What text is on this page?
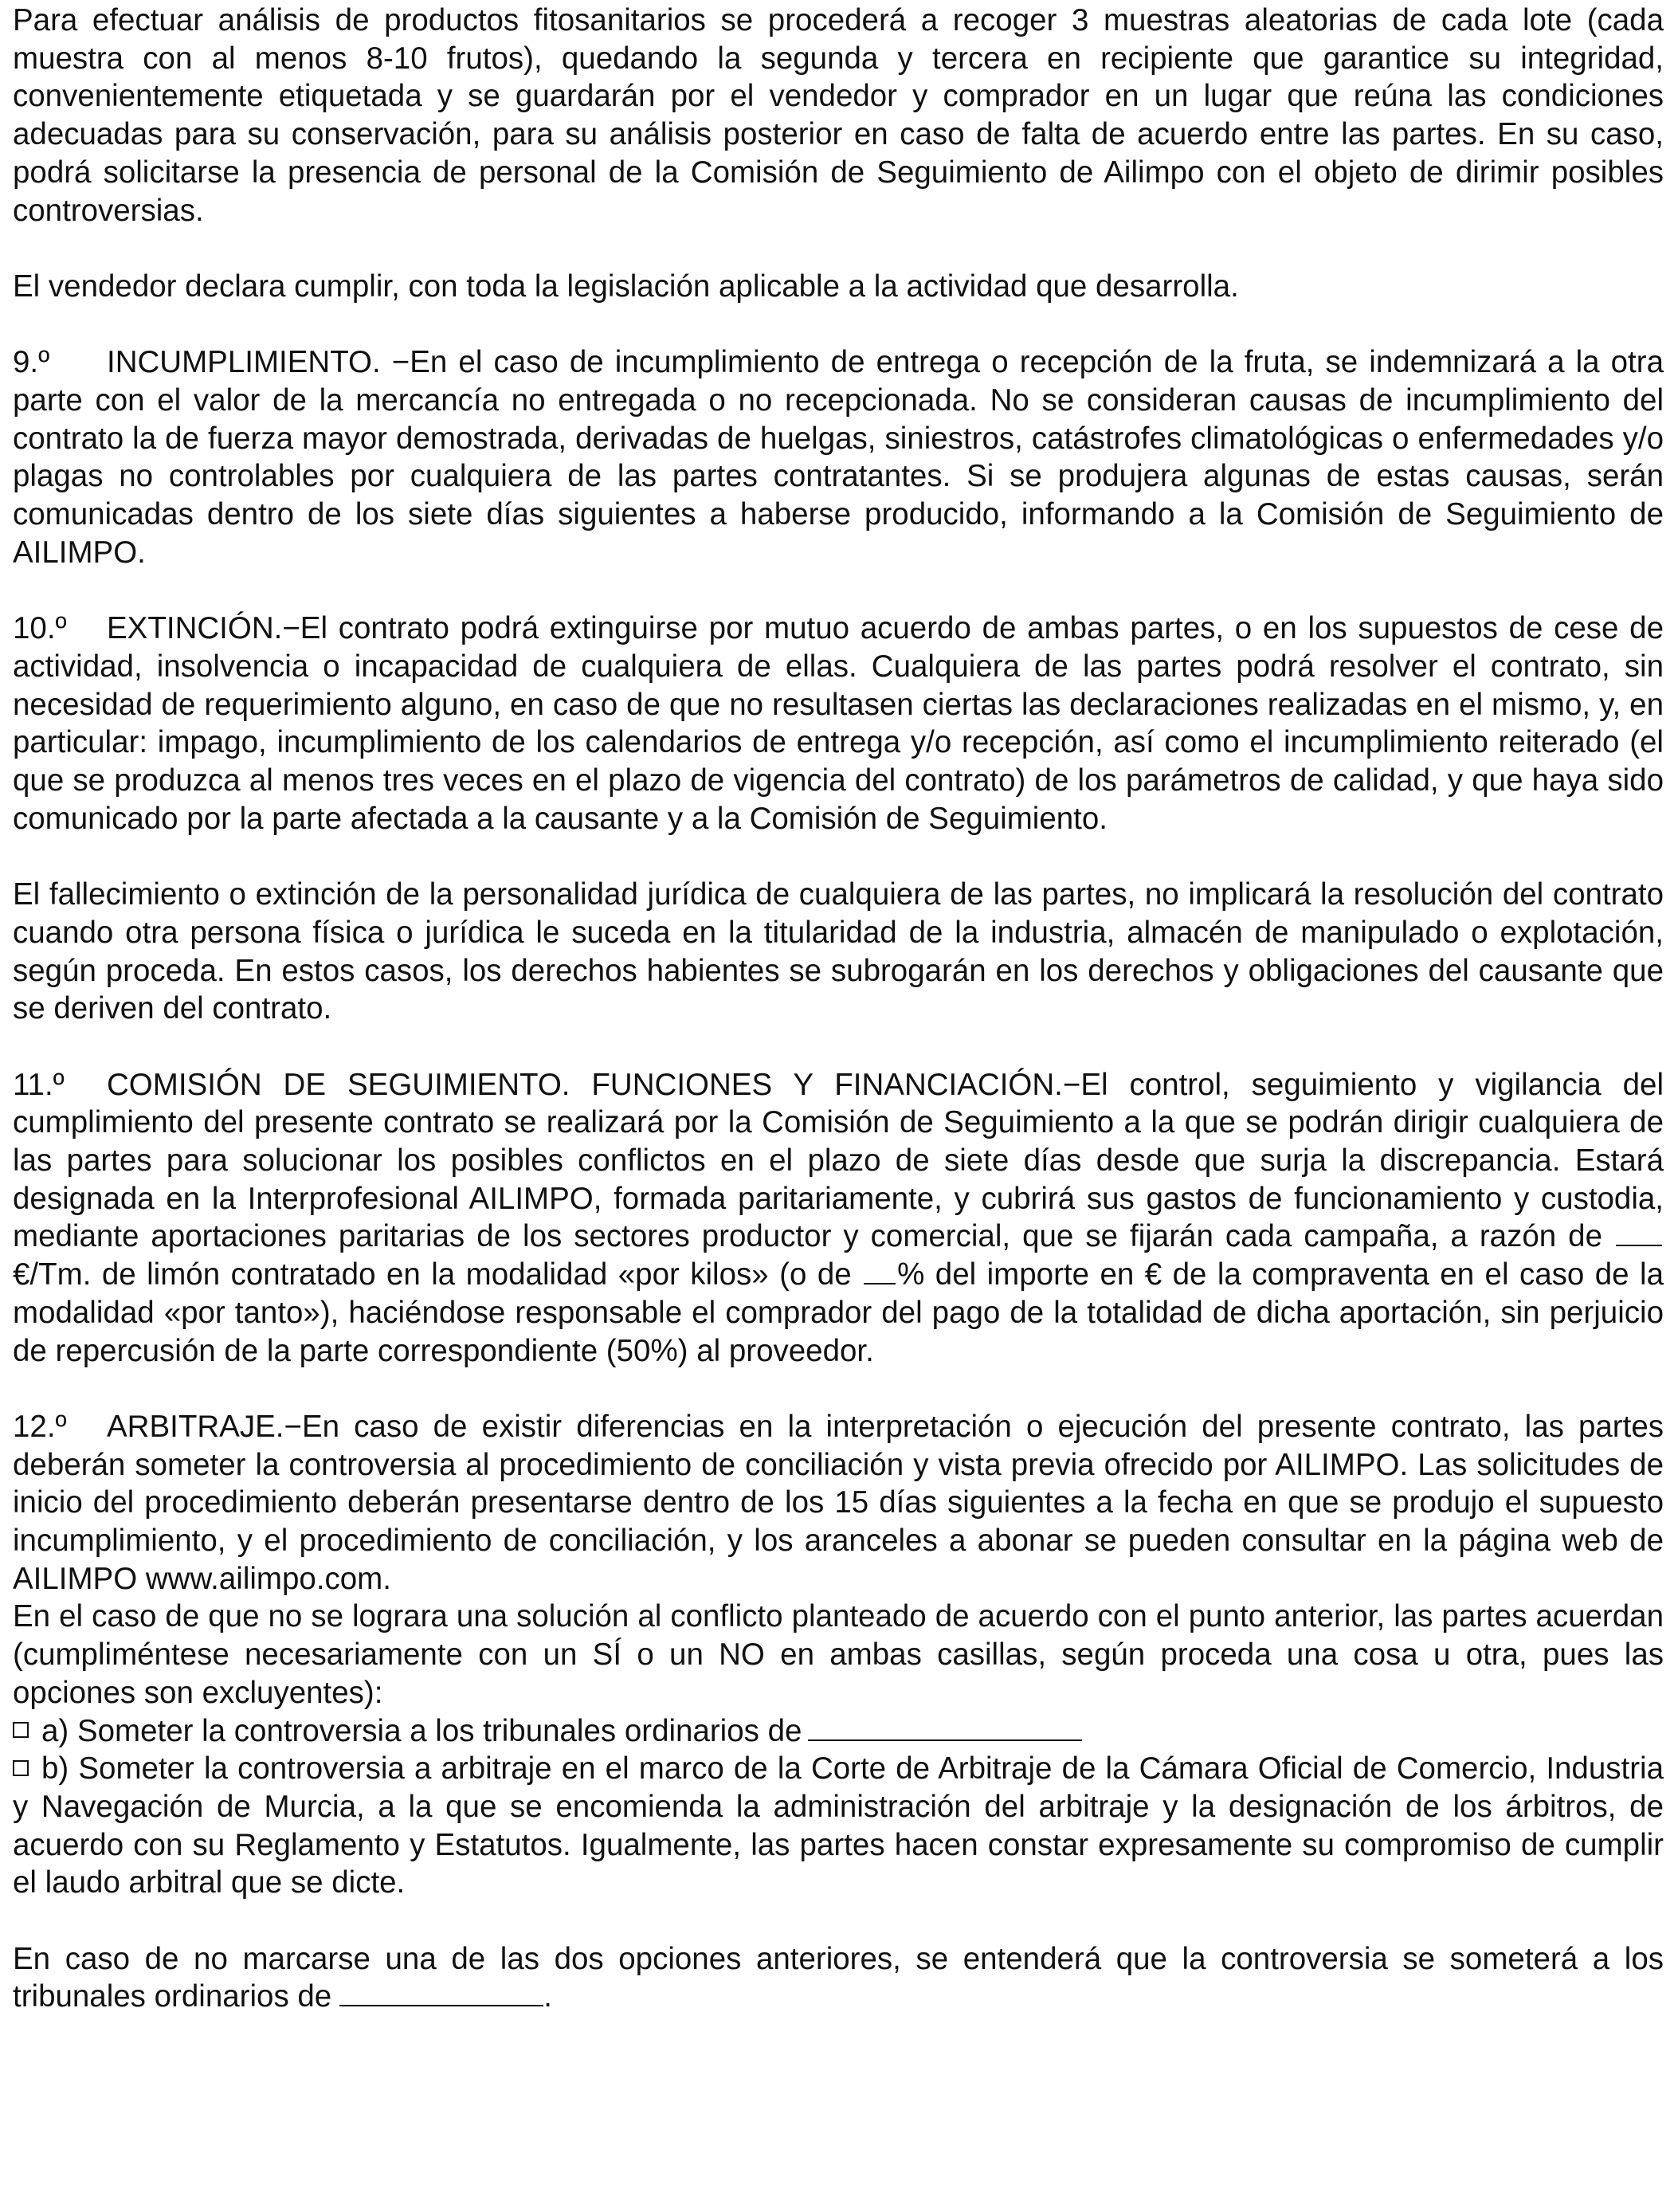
Para efectuar análisis de productos fitosanitarios se procederá a recoger 3 muestras aleatorias de cada lote (cada muestra con al menos 8-10 frutos), quedando la segunda y tercera en recipiente que garantice su integridad, convenientemente etiquetada y se guardarán por el vendedor y comprador en un lugar que reúna las condiciones adecuadas para su conservación, para su análisis posterior en caso de falta de acuerdo entre las partes. En su caso, podrá solicitarse la presencia de personal de la Comisión de Seguimiento de Ailimpo con el objeto de dirimir posibles controversias.

El vendedor declara cumplir, con toda la legislación aplicable a la actividad que desarrolla.

9.º INCUMPLIMIENTO. −En el caso de incumplimiento de entrega o recepción de la fruta, se indemnizará a la otra parte con el valor de la mercancía no entregada o no recepcionada. No se consideran causas de incumplimiento del contrato la de fuerza mayor demostrada, derivadas de huelgas, siniestros, catástrofes climatológicas o enfermedades y/o plagas no controlables por cualquiera de las partes contratantes. Si se produjera algunas de estas causas, serán comunicadas dentro de los siete días siguientes a haberse producido, informando a la Comisión de Seguimiento de AILIMPO.

10.º EXTINCIÓN.−El contrato podrá extinguirse por mutuo acuerdo de ambas partes, o en los supuestos de cese de actividad, insolvencia o incapacidad de cualquiera de ellas. Cualquiera de las partes podrá resolver el contrato, sin necesidad de requerimiento alguno, en caso de que no resultasen ciertas las declaraciones realizadas en el mismo, y, en particular: impago, incumplimiento de los calendarios de entrega y/o recepción, así como el incumplimiento reiterado (el que se produzca al menos tres veces en el plazo de vigencia del contrato) de los parámetros de calidad, y que haya sido comunicado por la parte afectada a la causante y a la Comisión de Seguimiento.

El fallecimiento o extinción de la personalidad jurídica de cualquiera de las partes, no implicará la resolución del contrato cuando otra persona física o jurídica le suceda en la titularidad de la industria, almacén de manipulado o explotación, según proceda. En estos casos, los derechos habientes se subrogarán en los derechos y obligaciones del causante que se deriven del contrato.

11.º COMISIÓN DE SEGUIMIENTO. FUNCIONES Y FINANCIACIÓN.−El control, seguimiento y vigilancia del cumplimiento del presente contrato se realizará por la Comisión de Seguimiento a la que se podrán dirigir cualquiera de las partes para solucionar los posibles conflictos en el plazo de siete días desde que surja la discrepancia. Estará designada en la Interprofesional AILIMPO, formada paritariamente, y cubrirá sus gastos de funcionamiento y custodia, mediante aportaciones paritarias de los sectores productor y comercial, que se fijarán cada campaña, a razón de  €/Tm. de limón contratado en la modalidad «por kilos» (o de % del importe en € de la compraventa en el caso de la modalidad «por tanto»), haciéndose responsable el comprador del pago de la totalidad de dicha aportación, sin perjuicio de repercusión de la parte correspondiente (50%) al proveedor.

12.º ARBITRAJE.−En caso de existir diferencias en la interpretación o ejecución del presente contrato, las partes deberán someter la controversia al procedimiento de conciliación y vista previa ofrecido por AILIMPO. Las solicitudes de inicio del procedimiento deberán presentarse dentro de los 15 días siguientes a la fecha en que se produjo el supuesto incumplimiento, y el procedimiento de conciliación, y los aranceles a abonar se pueden consultar en la página web de AILIMPO www.ailimpo.com.

En el caso de que no se lograra una solución al conflicto planteado de acuerdo con el punto anterior, las partes acuerdan (cumpliméntese necesariamente con un SÍ o un NO en ambas casillas, según proceda una cosa u otra, pues las opciones son excluyentes):

a) Someter la controversia a los tribunales ordinarios de

b) Someter la controversia a arbitraje en el marco de la Corte de Arbitraje de la Cámara Oficial de Comercio, Industria y Navegación de Murcia, a la que se encomienda la administración del arbitraje y la designación de los árbitros, de acuerdo con su Reglamento y Estatutos. Igualmente, las partes hacen constar expresamente su compromiso de cumplir el laudo arbitral que se dicte.

En caso de no marcarse una de las dos opciones anteriores, se entenderá que la controversia se someterá a los tribunales ordinarios de	.
